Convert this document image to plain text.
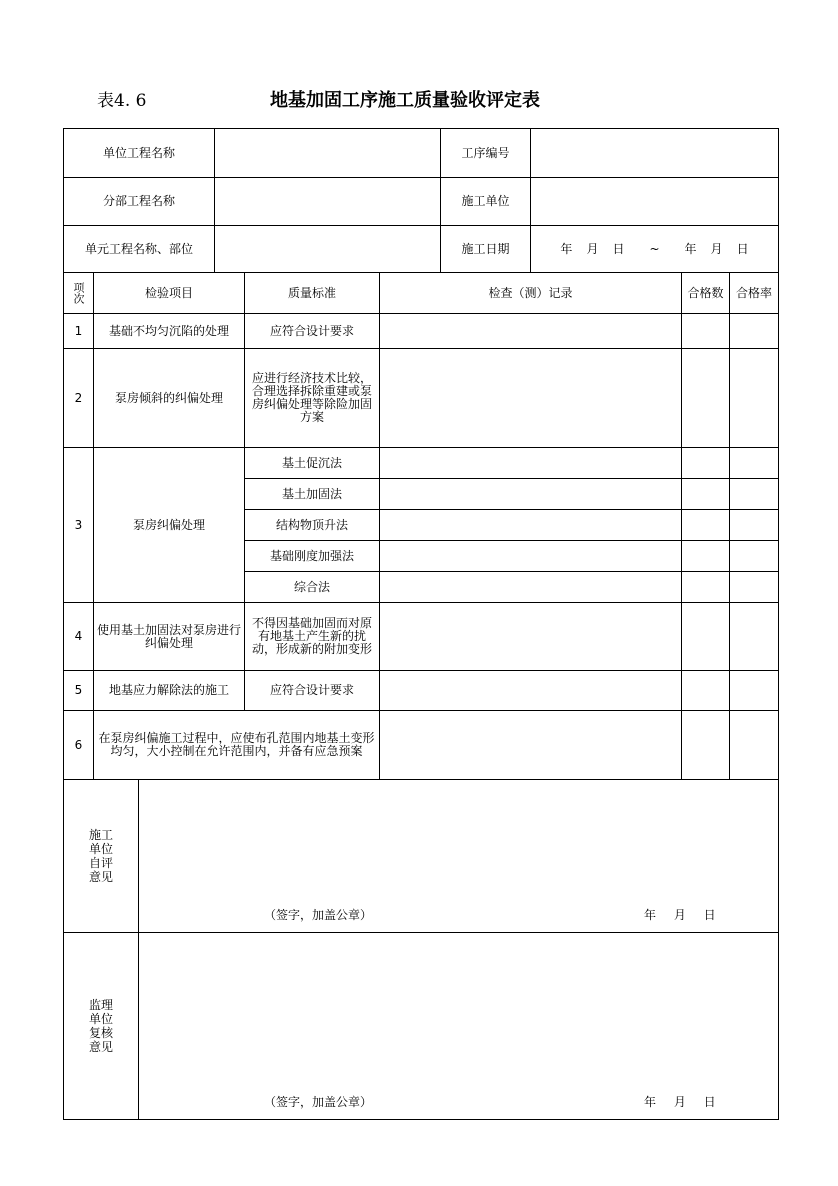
表4. 6	地基加固工序施工质量验收评定表
单位工程名称		工序编号	
分部工程名称		施工单位	
单元工程名称、部位		施工日期	年 月 日 ~ 年 月 日
项次	检验项目	质量标准	检查（测）记录	合格数	合格率
1	基础不均匀沉陷的处理	应符合设计要求			
2	泵房倾斜的纠偏处理	应进行经济技术比较，合理选择拆除重建或泵房纠偏处理等除险加固方案			
3	泵房纠偏处理	基土促沉法			
		基土加固法			
		结构物顶升法			
		基础刚度加强法			
		综合法			
4	使用基土加固法对泵房进行纠偏处理	不得因基础加固而对原有地基土产生新的扰动，形成新的附加变形			
5	地基应力解除法的施工	应符合设计要求			
6	在泵房纠偏施工过程中，应使布孔范围内地基土变形均匀，大小控制在允许范围内，并备有应急预案				
施工单位自评意见	（签字，加盖公章） 年 月 日

监理单位复核意见	（签字，加盖公章） 年 月 日
